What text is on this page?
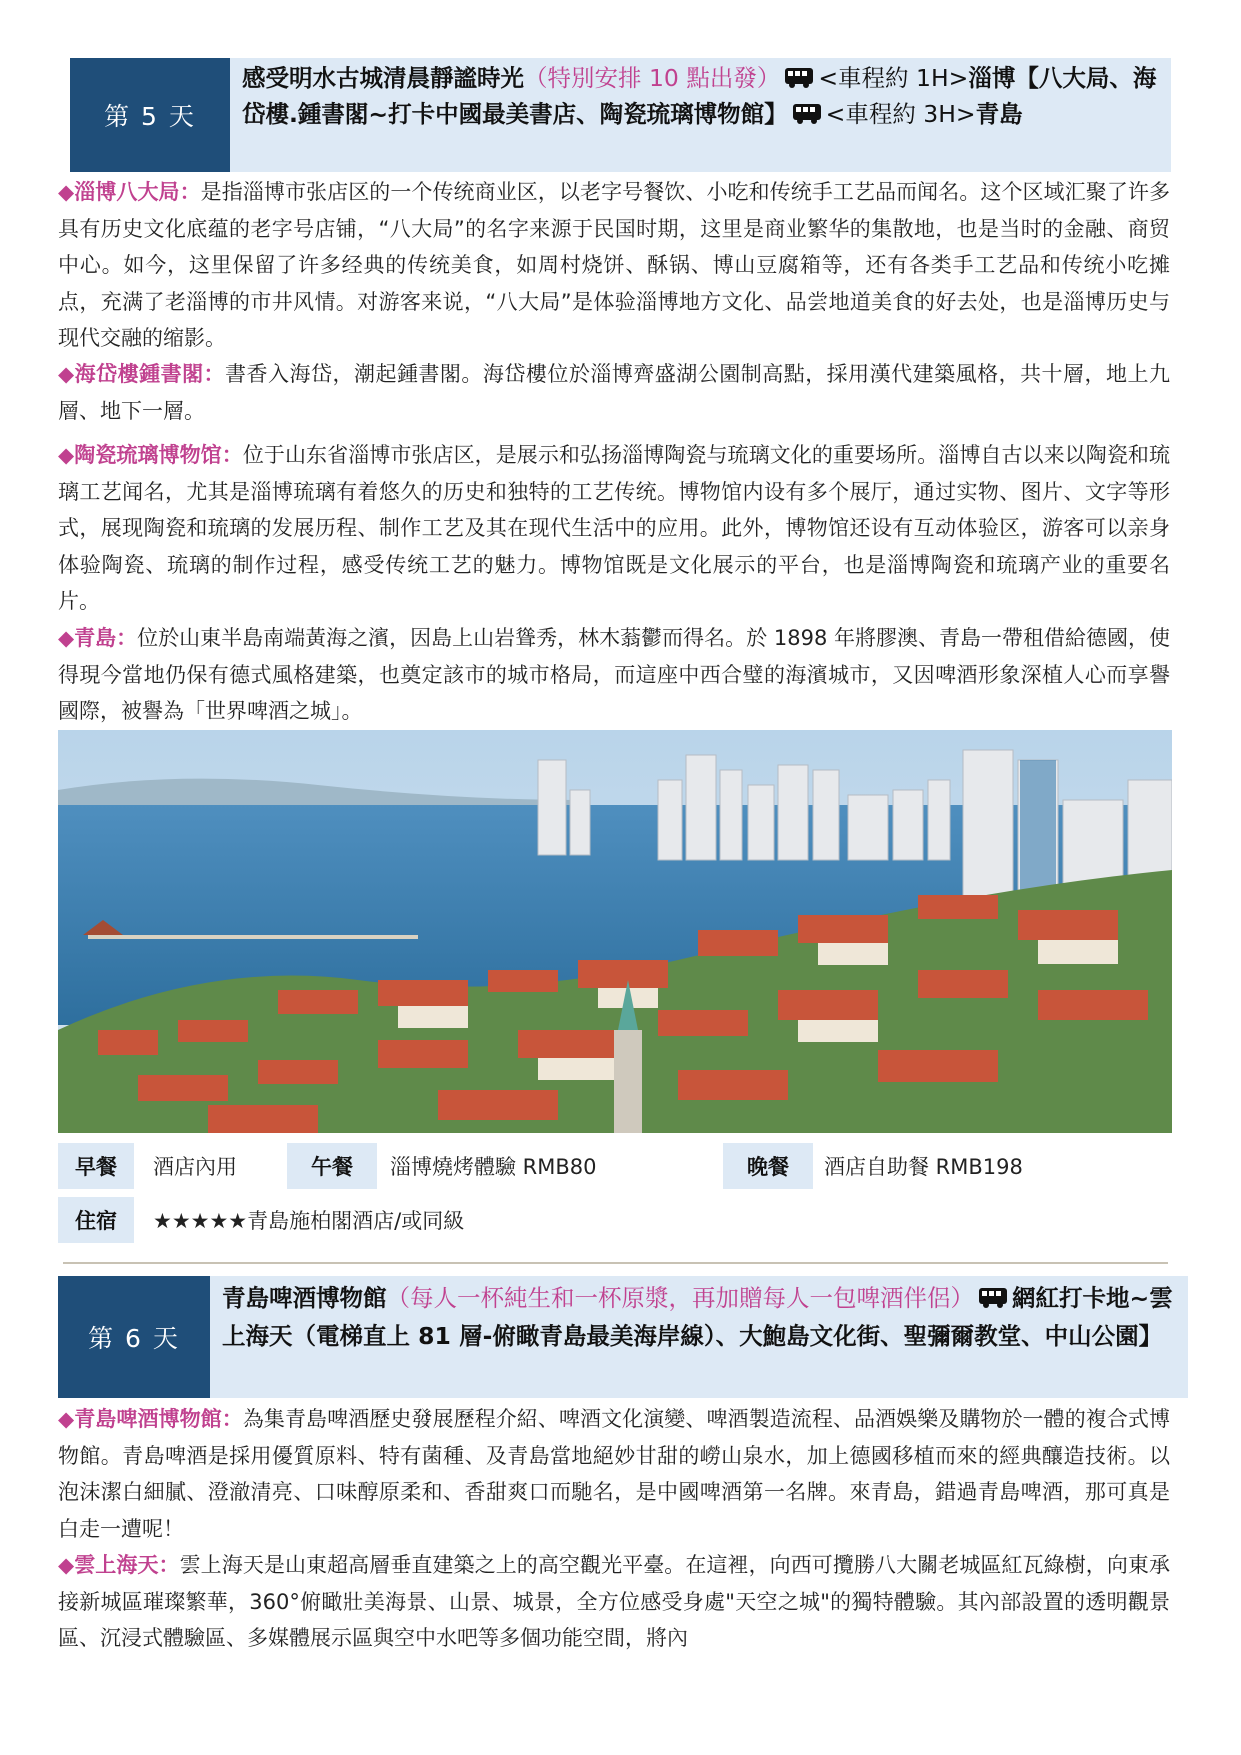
第 5 天
感受明水古城清晨靜謐時光（特別安排 10 點出發） <車程約 1H>淄博【八大局、海岱樓.鍾書閣~打卡中國最美書店、陶瓷琉璃博物館】 <車程約 3H>青島
◆淄博八大局：是指淄博市张店区的一个传统商业区，以老字号餐饮、小吃和传统手工艺品而闻名。这个区域汇聚了许多具有历史文化底蕴的老字号店铺，“八大局”的名字来源于民国时期，这里是商业繁华的集散地，也是当时的金融、商贸中心。如今，这里保留了许多经典的传统美食，如周村烧饼、酥锅、博山豆腐箱等，还有各类手工艺品和传统小吃摊点，充满了老淄博的市井风情。对游客来说，“八大局”是体验淄博地方文化、品尝地道美食的好去处，也是淄博历史与现代交融的缩影。
◆海岱樓鍾書閣：書香入海岱，潮起鍾書閣。海岱樓位於淄博齊盛湖公園制高點，採用漢代建築風格，共十層，地上九層、地下一層。
◆陶瓷琉璃博物馆：位于山东省淄博市张店区，是展示和弘扬淄博陶瓷与琉璃文化的重要场所。淄博自古以来以陶瓷和琉璃工艺闻名，尤其是淄博琉璃有着悠久的历史和独特的工艺传统。博物馆内设有多个展厅，通过实物、图片、文字等形式，展现陶瓷和琉璃的发展历程、制作工艺及其在现代生活中的应用。此外，博物馆还设有互动体验区，游客可以亲身体验陶瓷、琉璃的制作过程，感受传统工艺的魅力。博物馆既是文化展示的平台，也是淄博陶瓷和琉璃产业的重要名片。
◆青島：位於山東半島南端黃海之濱，因島上山岩聳秀，林木蓊鬱而得名。於 1898 年將膠澳、青島一帶租借給德國，使得現今當地仍保有德式風格建築，也奠定該市的城市格局，而這座中西合璧的海濱城市，又因啤酒形象深植人心而享譽國際，被譽為「世界啤酒之城」。
早餐	酒店內用	午餐	淄博燒烤體驗 RMB80	晚餐	酒店自助餐 RMB198
住宿	★★★★★青島施柏閣酒店/或同級
第 6 天
青島啤酒博物館（每人一杯純生和一杯原漿，再加贈每人一包啤酒伴侶） 網紅打卡地~雲上海天（電梯直上 81 層-俯瞰青島最美海岸線）、大鮑島文化街、聖彌爾教堂、中山公園】
◆青島啤酒博物館：為集青島啤酒歷史發展歷程介紹、啤酒文化演變、啤酒製造流程、品酒娛樂及購物於一體的複合式博物館。青島啤酒是採用優質原料、特有菌種、及青島當地絕妙甘甜的嶗山泉水，加上德國移植而來的經典釀造技術。以泡沫潔白細膩、澄澈清亮、口味醇原柔和、香甜爽口而馳名，是中國啤酒第一名牌。來青島，錯過青島啤酒，那可真是白走一遭呢！
◆雲上海天：雲上海天是山東超高層垂直建築之上的高空觀光平臺。在這裡，向西可攬勝八大關老城區紅瓦綠樹，向東承接新城區璀璨繁華，360°俯瞰壯美海景、山景、城景，全方位感受身處"天空之城"的獨特體驗。其內部設置的透明觀景區、沉浸式體驗區、多媒體展示區與空中水吧等多個功能空間，將內
